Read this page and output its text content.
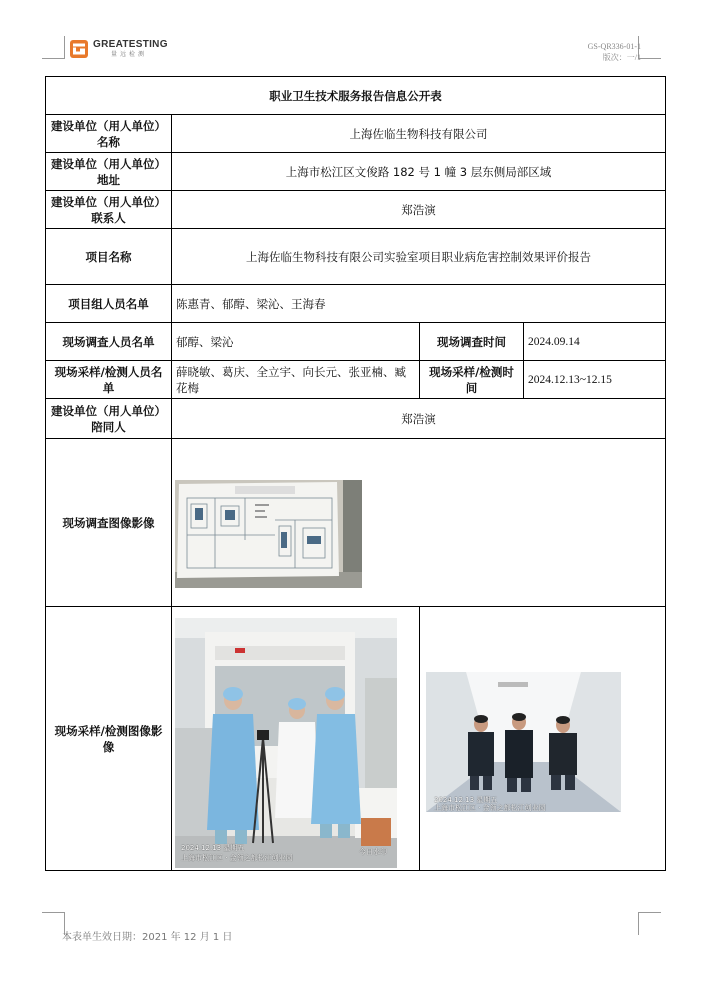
GREATESTING
量远检测
GS-QR336-01-1
版次：一/1
职业卫生技术服务报告信息公开表			
建设单位（用人单位）名称	上海佐临生物科技有限公司		
建设单位（用人单位）地址	上海市松江区文俊路 182 号 1 幢 3 层东侧局部区域		
建设单位（用人单位）联系人	郑浩演		
项目名称	上海佐临生物科技有限公司实验室项目职业病危害控制效果评价报告		
项目组人员名单	陈惠青、郁醇、梁沁、王海春		
现场调查人员名单	郁醇、梁沁	现场调查时间	2024.09.14
现场采样/检测人员名单	薛晓敏、葛庆、全立宇、向长元、张亚楠、臧花梅	现场采样/检测时间	2024.12.13~12.15
建设单位（用人单位）陪同人	郑浩演		
现场调查图像影像			
现场采样/检测图像影像			
2024.12.13 星期五
上海市松江区 · 金领之都松江创业园
今日水印
2024.12.13 星期五
上海市松江区 · 金领之都松江创业园
本表单生效日期：2021 年 12 月 1 日
